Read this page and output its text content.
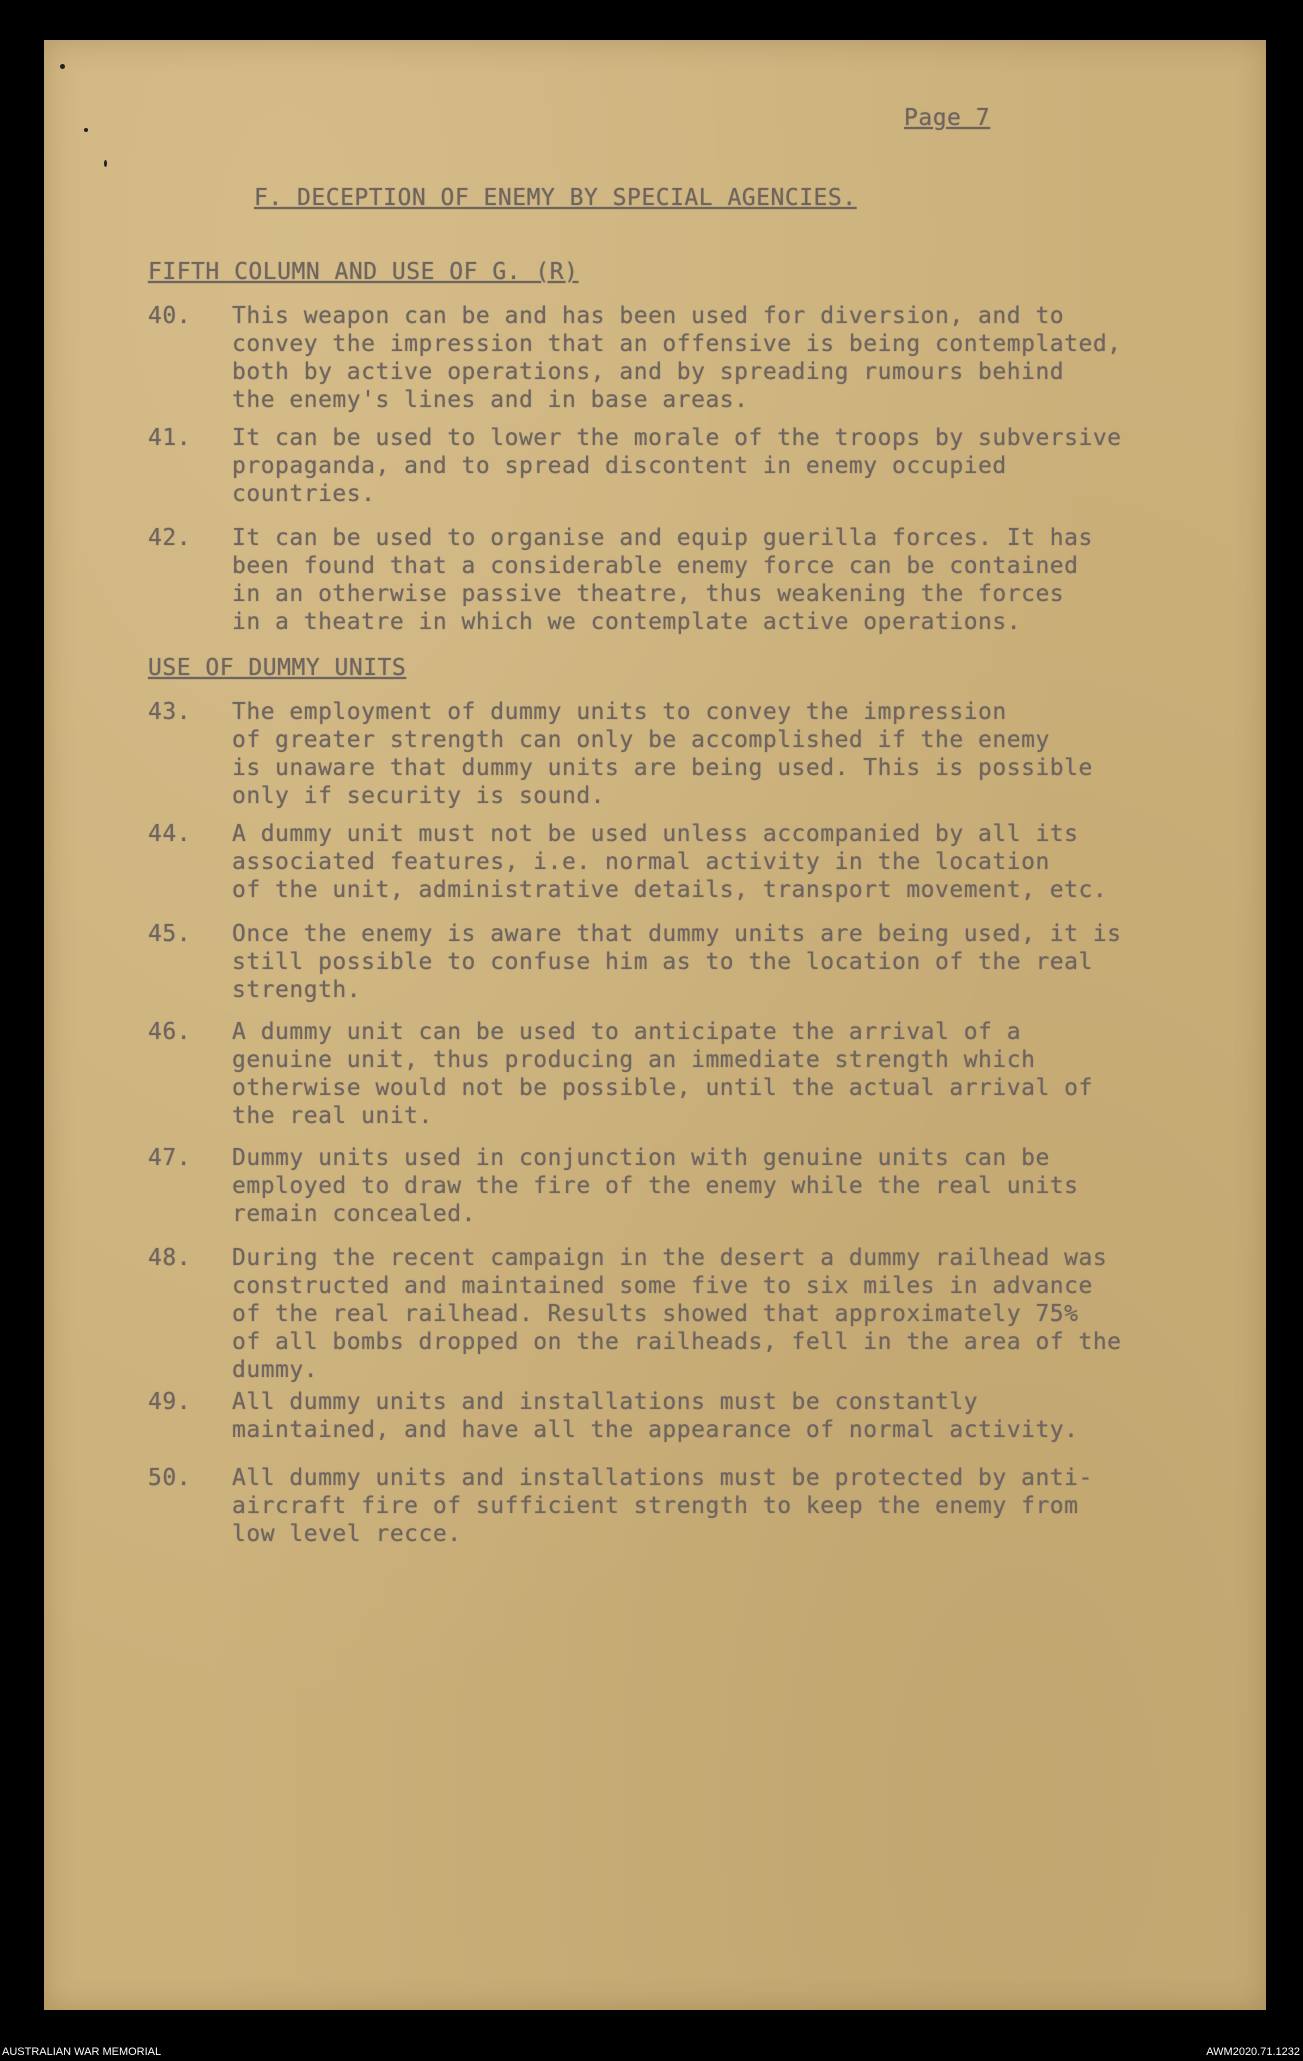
Page 7
F. DECEPTION OF ENEMY BY SPECIAL AGENCIES.
FIFTH COLUMN AND USE OF G. (R)
40.	This weapon can be and has been used for diversion, and to
convey the impression that an offensive is being contemplated,
both by active operations, and by spreading rumours behind
the enemy's lines and in base areas.
41.	It can be used to lower the morale of the troops by subversive
propaganda, and to spread discontent in enemy occupied
countries.
42.	It can be used to organise and equip guerilla forces. It has
been found that a considerable enemy force can be contained
in an otherwise passive theatre, thus weakening the forces
in a theatre in which we contemplate active operations.
USE OF DUMMY UNITS
43.	The employment of dummy units to convey the impression
of greater strength can only be accomplished if the enemy
is unaware that dummy units are being used. This is possible
only if security is sound.
44.	A dummy unit must not be used unless accompanied by all its
associated features, i.e. normal activity in the location
of the unit, administrative details, transport movement, etc.
45.	Once the enemy is aware that dummy units are being used, it is
still possible to confuse him as to the location of the real
strength.
46.	A dummy unit can be used to anticipate the arrival of a
genuine unit, thus producing an immediate strength which
otherwise would not be possible, until the actual arrival of
the real unit.
47.	Dummy units used in conjunction with genuine units can be
employed to draw the fire of the enemy while the real units
remain concealed.
48.	During the recent campaign in the desert a dummy railhead was
constructed and maintained some five to six miles in advance
of the real railhead. Results showed that approximately 75%
of all bombs dropped on the railheads, fell in the area of the
dummy.
49.	All dummy units and installations must be constantly
maintained, and have all the appearance of normal activity.
50.	All dummy units and installations must be protected by anti-
aircraft fire of sufficient strength to keep the enemy from
low level recce.
AUSTRALIAN WAR MEMORIAL	AWM2020.71.1232
